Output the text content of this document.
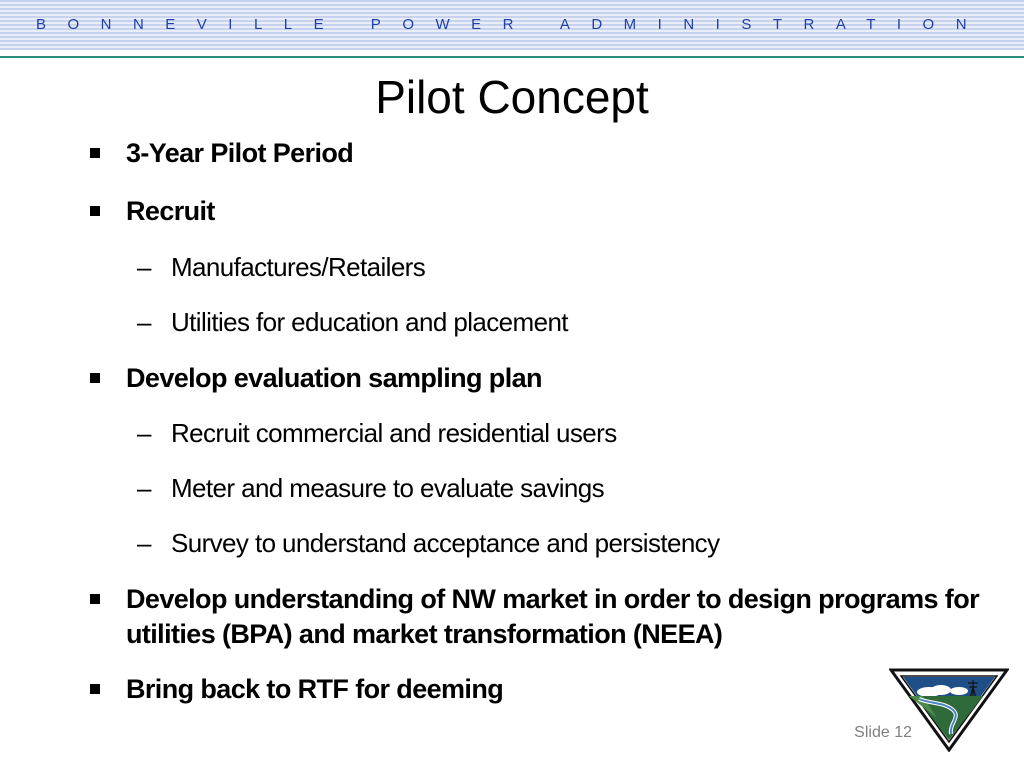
BONNEVILLE POWER ADMINISTRATION
Pilot Concept
3-Year Pilot Period
Recruit
– Manufactures/Retailers
– Utilities for education and placement
Develop evaluation sampling plan
– Recruit commercial and residential users
– Meter and measure to evaluate savings
– Survey to understand acceptance and persistency
Develop understanding of NW market in order to design programs for utilities (BPA) and market transformation (NEEA)
Bring back to RTF for deeming
Slide 12
